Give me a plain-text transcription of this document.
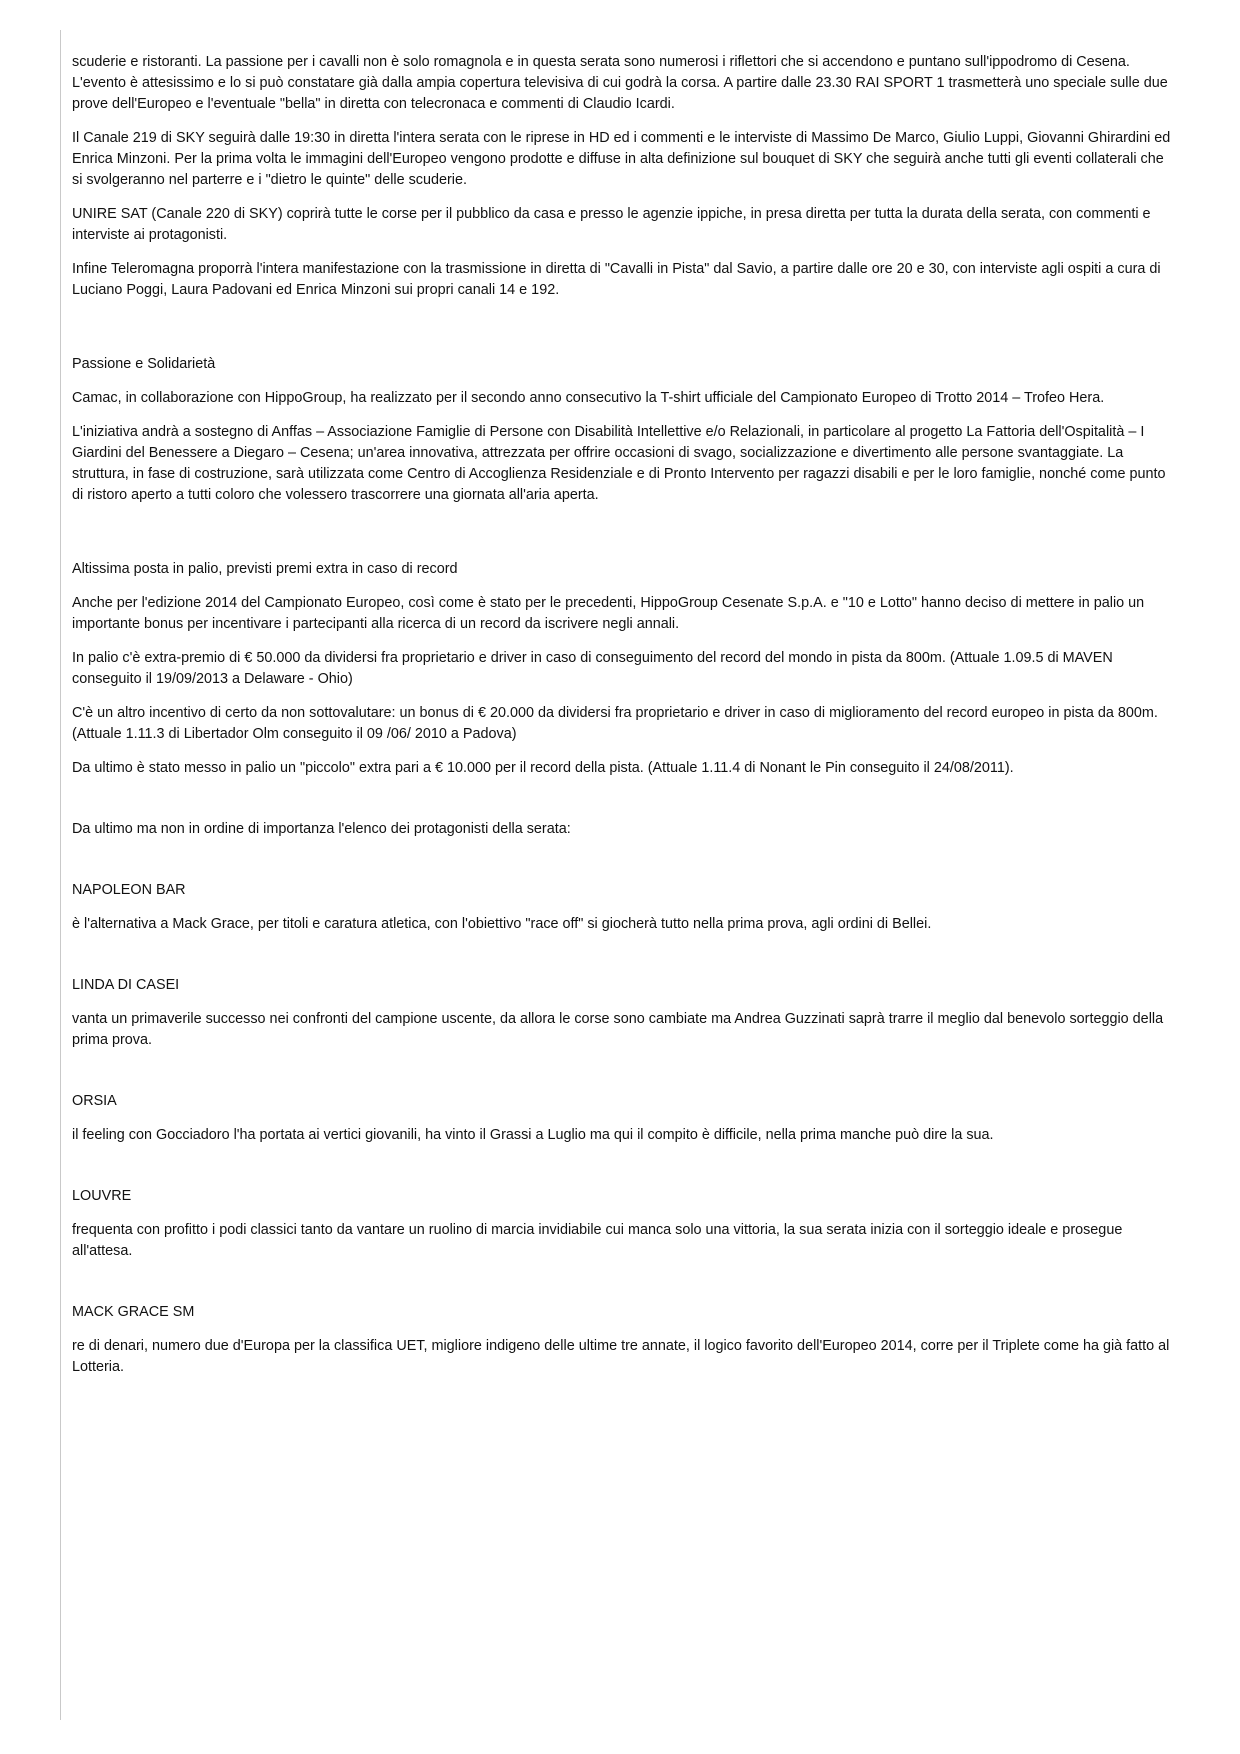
scuderie e ristoranti. La passione per i cavalli non è solo romagnola e in questa serata sono numerosi i riflettori che si accendono e puntano sull'ippodromo di Cesena. L'evento è attesissimo e lo si può constatare già dalla ampia copertura televisiva di cui godrà la corsa. A partire dalle 23.30 RAI SPORT 1 trasmetterà uno speciale sulle due prove dell'Europeo e l'eventuale "bella" in diretta con telecronaca e commenti di Claudio Icardi.

Il Canale 219 di SKY seguirà dalle 19:30 in diretta l'intera serata con le riprese in HD ed i commenti e le interviste di Massimo De Marco, Giulio Luppi, Giovanni Ghirardini ed Enrica Minzoni. Per la prima volta le immagini dell'Europeo vengono prodotte e diffuse in alta definizione sul bouquet di SKY che seguirà anche tutti gli eventi collaterali che si svolgeranno nel parterre e i "dietro le quinte" delle scuderie.

UNIRE SAT (Canale 220 di SKY) coprirà tutte le corse per il pubblico da casa e presso le agenzie ippiche, in presa diretta per tutta la durata della serata, con commenti e interviste ai protagonisti.

Infine Teleromagna proporrà l'intera manifestazione con la trasmissione in diretta di "Cavalli in Pista" dal Savio, a partire dalle ore 20 e 30, con interviste agli ospiti a cura di Luciano Poggi, Laura Padovani ed Enrica Minzoni sui propri canali 14 e 192.

Passione e Solidarietà

Camac, in collaborazione con HippoGroup, ha realizzato per il secondo anno consecutivo la T-shirt ufficiale del Campionato Europeo di Trotto 2014 – Trofeo Hera.

L'iniziativa andrà a sostegno di Anffas – Associazione Famiglie di Persone con Disabilità Intellettive e/o Relazionali, in particolare al progetto La Fattoria dell'Ospitalità – I Giardini del Benessere a Diegaro – Cesena; un'area innovativa, attrezzata per offrire occasioni di svago, socializzazione e divertimento alle persone svantaggiate. La struttura, in fase di costruzione, sarà utilizzata come Centro di Accoglienza Residenziale e di Pronto Intervento per ragazzi disabili e per le loro famiglie, nonché come punto di ristoro aperto a tutti coloro che volessero trascorrere una giornata all'aria aperta.

Altissima posta in palio, previsti premi extra in caso di record

Anche per l'edizione 2014 del Campionato Europeo, così come è stato per le precedenti, HippoGroup Cesenate S.p.A. e "10 e Lotto" hanno deciso di mettere in palio un importante bonus per incentivare i partecipanti alla ricerca di un record da iscrivere negli annali.

In palio c'è extra-premio di € 50.000 da dividersi fra proprietario e driver in caso di conseguimento del record del mondo in pista da 800m. (Attuale 1.09.5 di MAVEN conseguito il 19/09/2013 a Delaware - Ohio)

C'è un altro incentivo di certo da non sottovalutare: un bonus di € 20.000 da dividersi fra proprietario e driver in caso di miglioramento del record europeo in pista da 800m. (Attuale 1.11.3 di Libertador Olm conseguito il 09 /06/ 2010 a Padova)

Da ultimo è stato messo in palio un "piccolo" extra pari a € 10.000 per il record della pista. (Attuale 1.11.4 di Nonant le Pin conseguito il 24/08/2011).

Da ultimo ma non in ordine di importanza l'elenco dei protagonisti della serata:

NAPOLEON BAR

è l'alternativa a Mack Grace, per titoli e caratura atletica, con l'obiettivo "race off" si giocherà tutto nella prima prova, agli ordini di Bellei.

LINDA DI CASEI

vanta un primaverile successo nei confronti del campione uscente, da allora le corse sono cambiate ma Andrea Guzzinati saprà trarre il meglio dal benevolo sorteggio della prima prova.

ORSIA

il feeling con Gocciadoro l'ha portata ai vertici giovanili, ha vinto il Grassi a Luglio ma qui il compito è difficile, nella prima manche può dire la sua.

LOUVRE

frequenta con profitto i podi classici tanto da vantare un ruolino di marcia invidiabile cui manca solo una vittoria, la sua serata inizia con il sorteggio ideale e prosegue all'attesa.

MACK GRACE SM

re di denari, numero due d'Europa per la classifica UET, migliore indigeno delle ultime tre annate, il logico favorito dell'Europeo 2014, corre per il Triplete come ha già fatto al Lotteria.
